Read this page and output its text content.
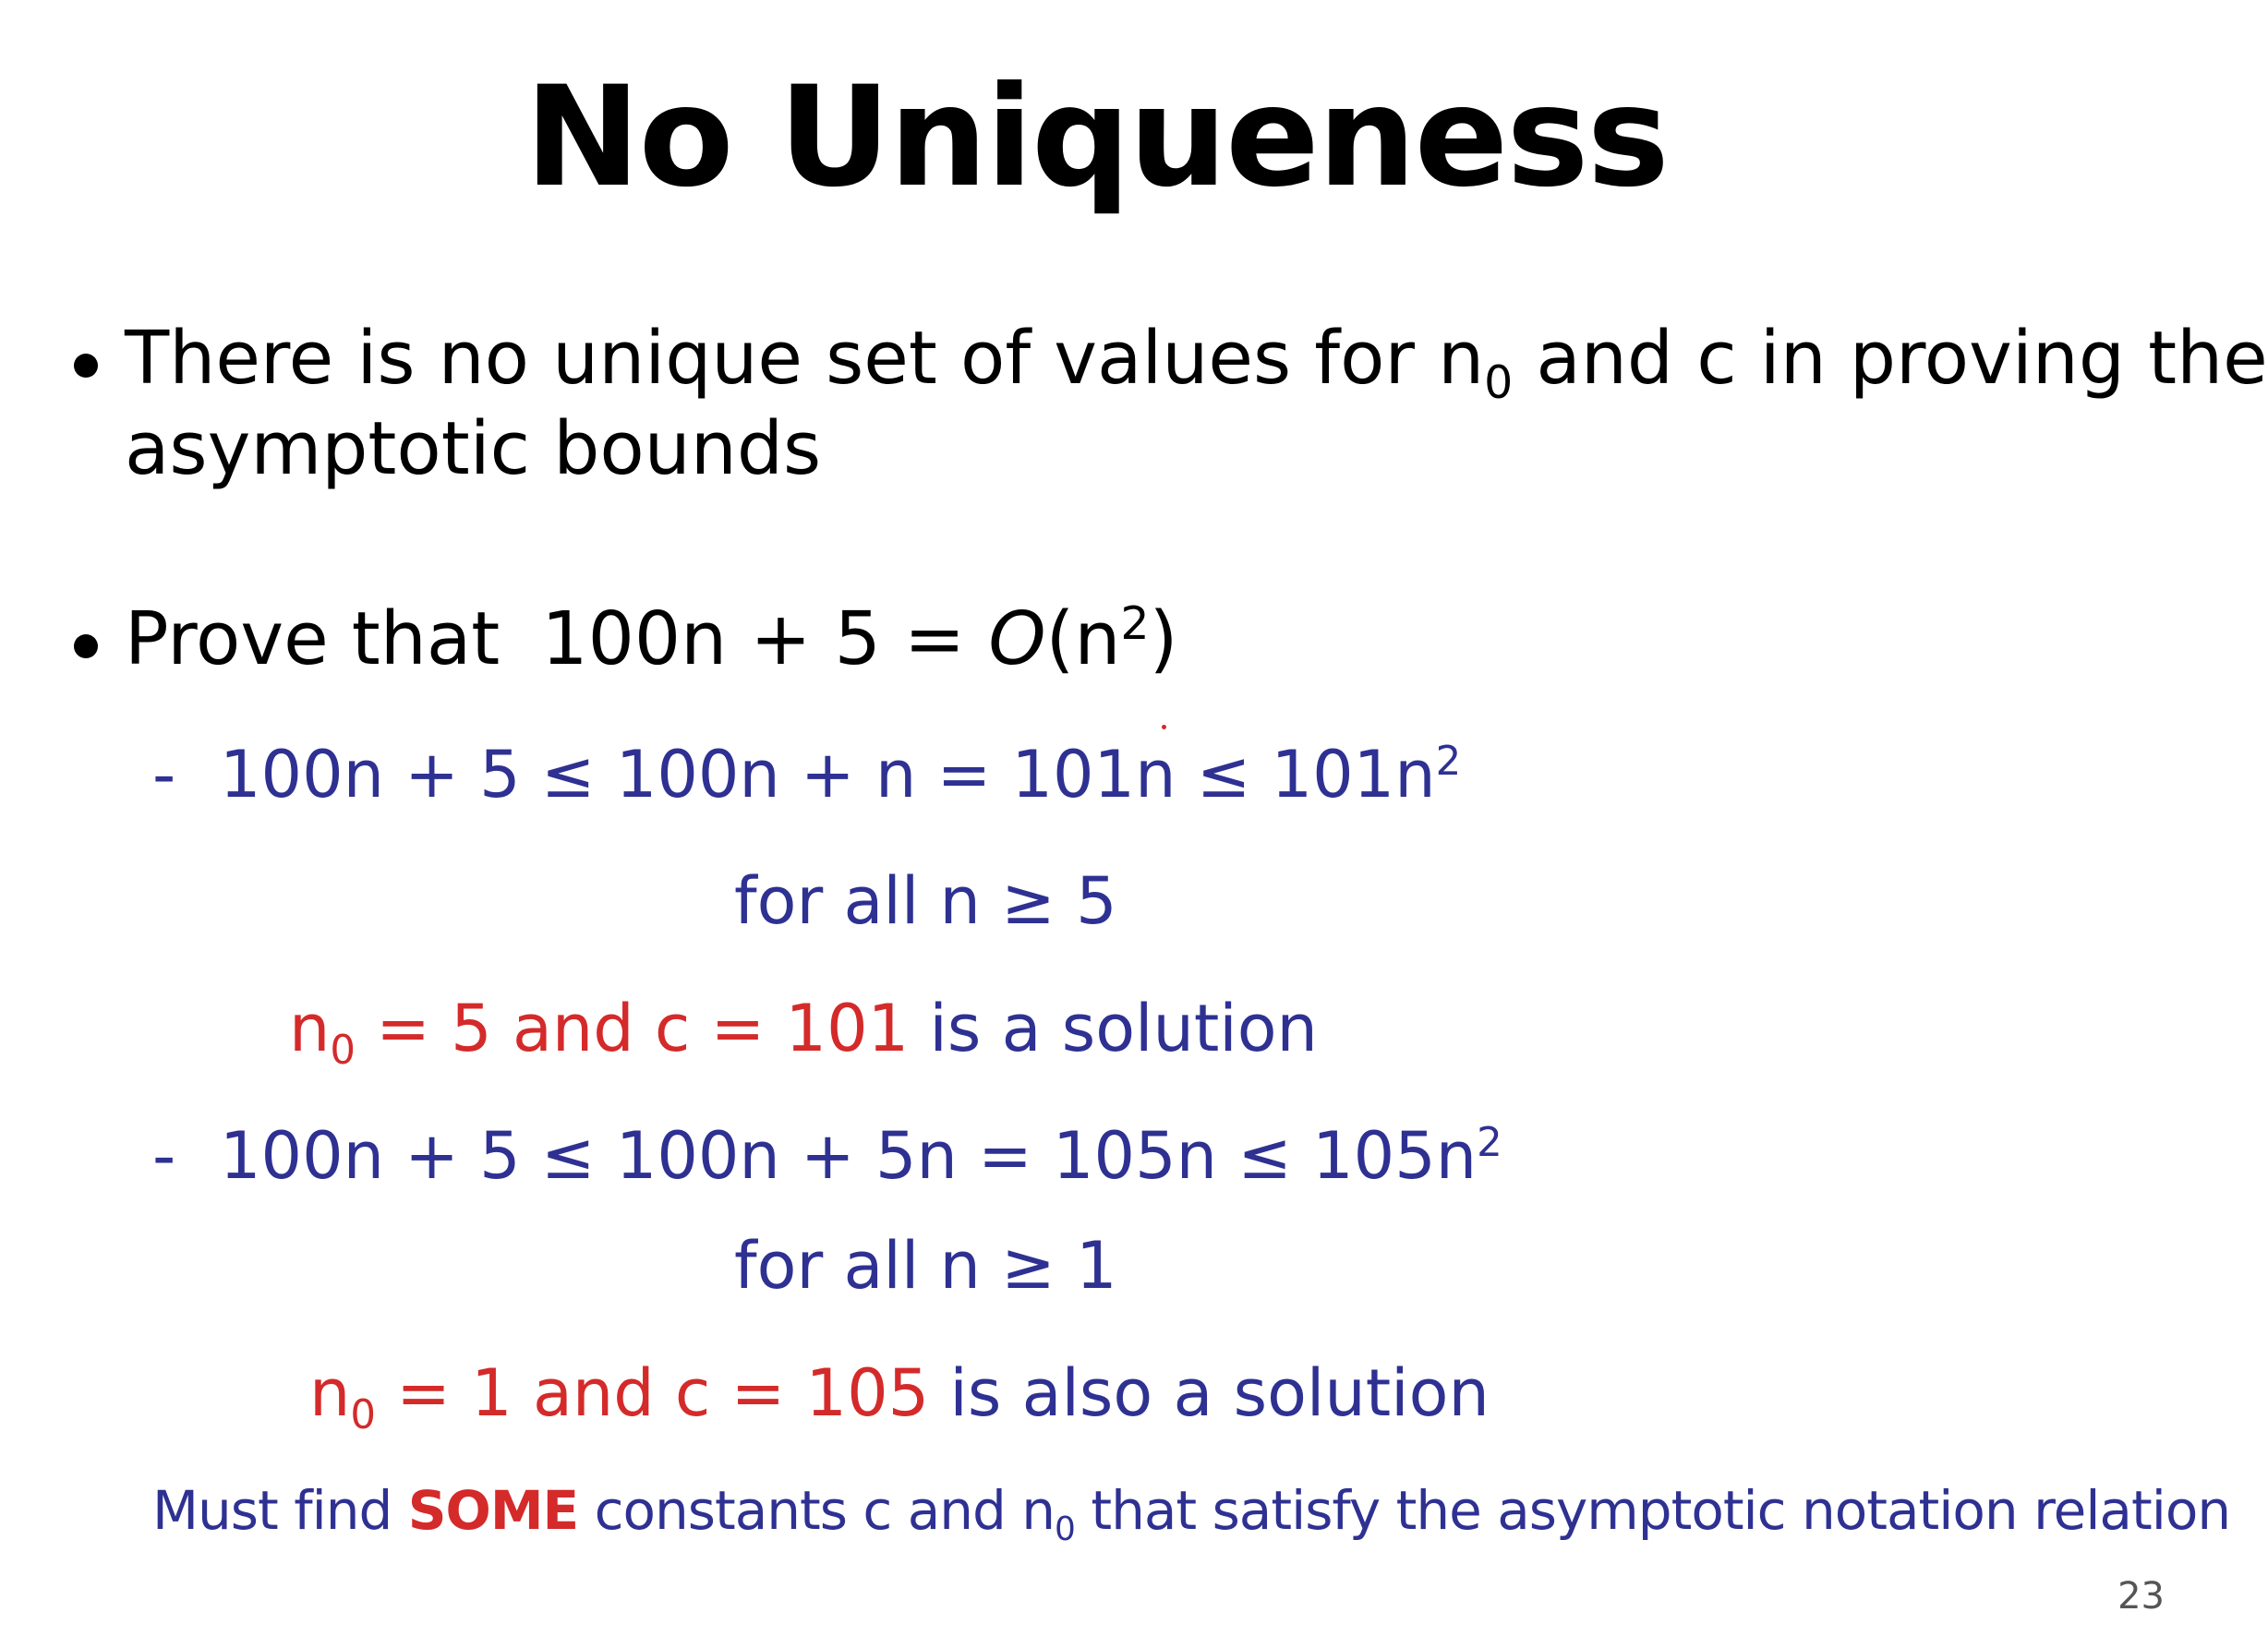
No Uniqueness
There is no unique set of values for n0 and c in proving the
asymptotic bounds
Prove that $100n + 5 = O(n^2)$
- $100n + 5 \le 100n + n = 101n \le 101n^2$
for all n ≥ 5
n0 = 5 and c = 101 is a solution
- $100n + 5 \le 100n + 5n = 105n \le 105n^2$
for all n ≥ 1
n0 = 1 and c = 105 is also a solution
Must find SOME constants c and n0 that satisfy the asymptotic notation relation
23
